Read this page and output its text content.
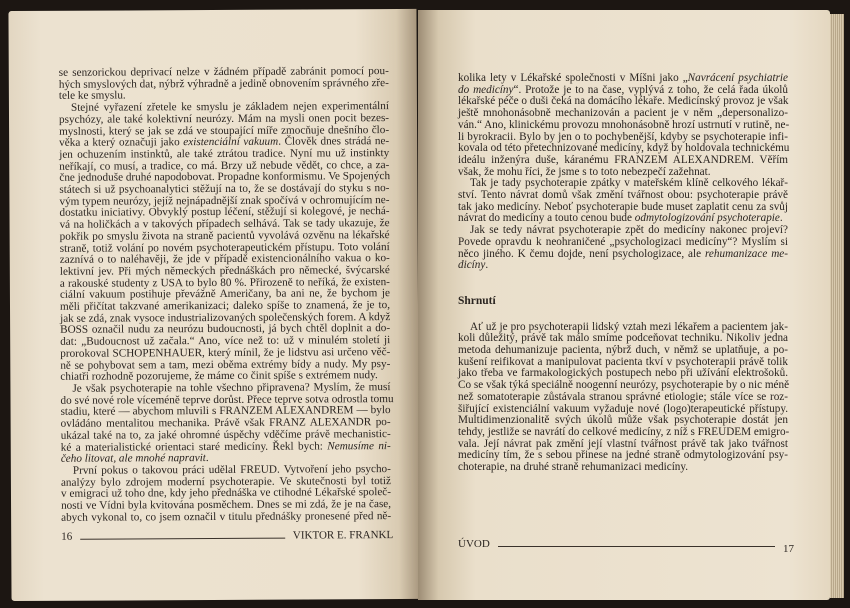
se senzorickou deprivací nelze v žádném případě zabránit pomocí pou-
hých smyslových dat, nýbrž výhradně a jedině obnovením správného zře-
tele ke smyslu.
Stejné vyřazení zřetele ke smyslu je základem nejen experimentální
psychózy, ale také kolektivní neurózy. Mám na mysli onen pocit bezes-
myslnosti, který se jak se zdá ve stoupající míře zmocňuje dnešního člo-
věka a který označuji jako existenciální vakuum. Člověk dnes strádá ne-
jen ochuzením instinktů, ale také ztrátou tradice. Nyní mu už instinkty
neříkají, co musí, a tradice, co má. Brzy už nebude vědět, co chce, a za-
čne jednoduše druhé napodobovat. Propadne konformismu. Ve Spojených
státech si už psychoanalytici stěžují na to, že se dostávají do styku s no-
vým typem neurózy, jejíž nejnápadnější znak spočívá v ochromujícím ne-
dostatku iniciativy. Obvyklý postup léčení, stěžují si kolegové, je nechá-
vá na holičkách a v takových případech selhává. Tak se tady ukazuje, že
pokřik po smyslu života na straně pacientů vyvolává ozvěnu na lékařské
straně, totiž volání po novém psychoterapeutickém přístupu. Toto volání
zaznívá o to naléhavěji, že jde v případě existencionálního vakua o ko-
lektivní jev. Při mých německých přednáškách pro německé, švýcarské
a rakouské studenty z USA to bylo 80 %. Přirozeně to neříká, že existen-
ciální vakuum postihuje převážně Američany, ba ani ne, že bychom je
měli přičítat takzvané amerikanizaci; daleko spíše to znamená, že je to,
jak se zdá, znak vysoce industrializovaných společenských forem. A když
BOSS označil nudu za neurózu budoucnosti, já bych chtěl doplnit a do-
dat: „Budoucnost už začala.“ Ano, více než to: už v minulém století ji
prorokoval SCHOPENHAUER, který mínil, že je lidstvu asi určeno věč-
ně se pohybovat sem a tam, mezi oběma extrémy bídy a nudy. My psy-
chiatři rozhodně pozorujeme, že máme co činit spíše s extrémem nudy.
Je však psychoterapie na tohle všechno připravena? Myslím, že musí
do své nové role víceméně teprve dorůst. Přece teprve sotva odrostla tomu
stadiu, které — abychom mluvili s FRANZEM ALEXANDREM — bylo
ovládáno mentalitou mechanika. Právě však FRANZ ALEXANDR po-
ukázal také na to, za jaké ohromné úspěchy vděčíme právě mechanistic-
ké a materialistické orientaci staré medicíny. Řekl bych: Nemusíme ni-
čeho litovat, ale mnohé napravit.
První pokus o takovou práci udělal FREUD. Vytvoření jeho psycho-
analýzy bylo zdrojem moderní psychoterapie. Ve skutečnosti byl totiž
v emigraci už toho dne, kdy jeho přednáška ve ctihodné Lékařské společ-
nosti ve Vídni byla kvitována posměchem. Dnes se mi zdá, že je na čase,
abych vykonal to, co jsem označil v titulu přednášky pronesené před ně-
16	VIKTOR E. FRANKL
kolika lety v Lékařské společnosti v Míšni jako „Navrácení psychiatrie
do medicíny“. Protože je to na čase, vyplývá z toho, že celá řada úkolů
lékařské péče o duši čeká na domácího lékaře. Medicínský provoz je však
ještě mnohonásobně mechanizován a pacient je v něm „depersonalizo-
ván.“ Ano, klinickému provozu mnohonásobně hrozí ustrnutí v rutině, ne-
li byrokracii. Bylo by jen o to pochybenější, kdyby se psychoterapie infi-
kovala od této přetechnizované medicíny, když by holdovala technickému
ideálu inženýra duše, káranému FRANZEM ALEXANDREM. Věřím
však, že mohu říci, že jsme s to toto nebezpečí zažehnat.
Tak je tady psychoterapie zpátky v mateřském klíně celkového lékař-
ství. Tento návrat domů však změní tvářnost obou: psychoterapie právě
tak jako medicíny. Neboť psychoterapie bude muset zaplatit cenu za svůj
návrat do medicíny a touto cenou bude odmytologizování psychoterapie.
Jak se tedy návrat psychoterapie zpět do medicíny nakonec projeví?
Povede opravdu k neohraničené „psychologizaci medicíny“? Myslím si
něco jiného. K čemu dojde, není psychologizace, ale rehumanizace me-
dicíny.
Shrnutí
Ať už je pro psychoterapii lidský vztah mezi lékařem a pacientem jak-
koli důležitý, právě tak málo smíme podceňovat techniku. Nikoliv jedna
metoda dehumanizuje pacienta, nýbrž duch, v němž se uplatňuje, a po-
kušení reifikovat a manipulovat pacienta tkví v psychoterapii právě tolik
jako třeba ve farmakologických postupech nebo při užívání elektrošoků.
Co se však týká speciálně noogenní neurózy, psychoterapie by o nic méně
než somatoterapie zůstávala stranou správné etiologie; stále více se roz-
šiřující existenciální vakuum vyžaduje nové (logo)terapeutické přístupy.
Multidimenzionalitě svých úkolů může však psychoterapie dostát jen
tehdy, jestliže se navrátí do celkové medicíny, z níž s FREUDEM emigro-
vala. Její návrat pak změní její vlastní tvářnost právě tak jako tvářnost
medicíny tím, že s sebou přinese na jedné straně odmytologizování psy-
choterapie, na druhé straně rehumanizaci medicíny.
ÚVOD	17
